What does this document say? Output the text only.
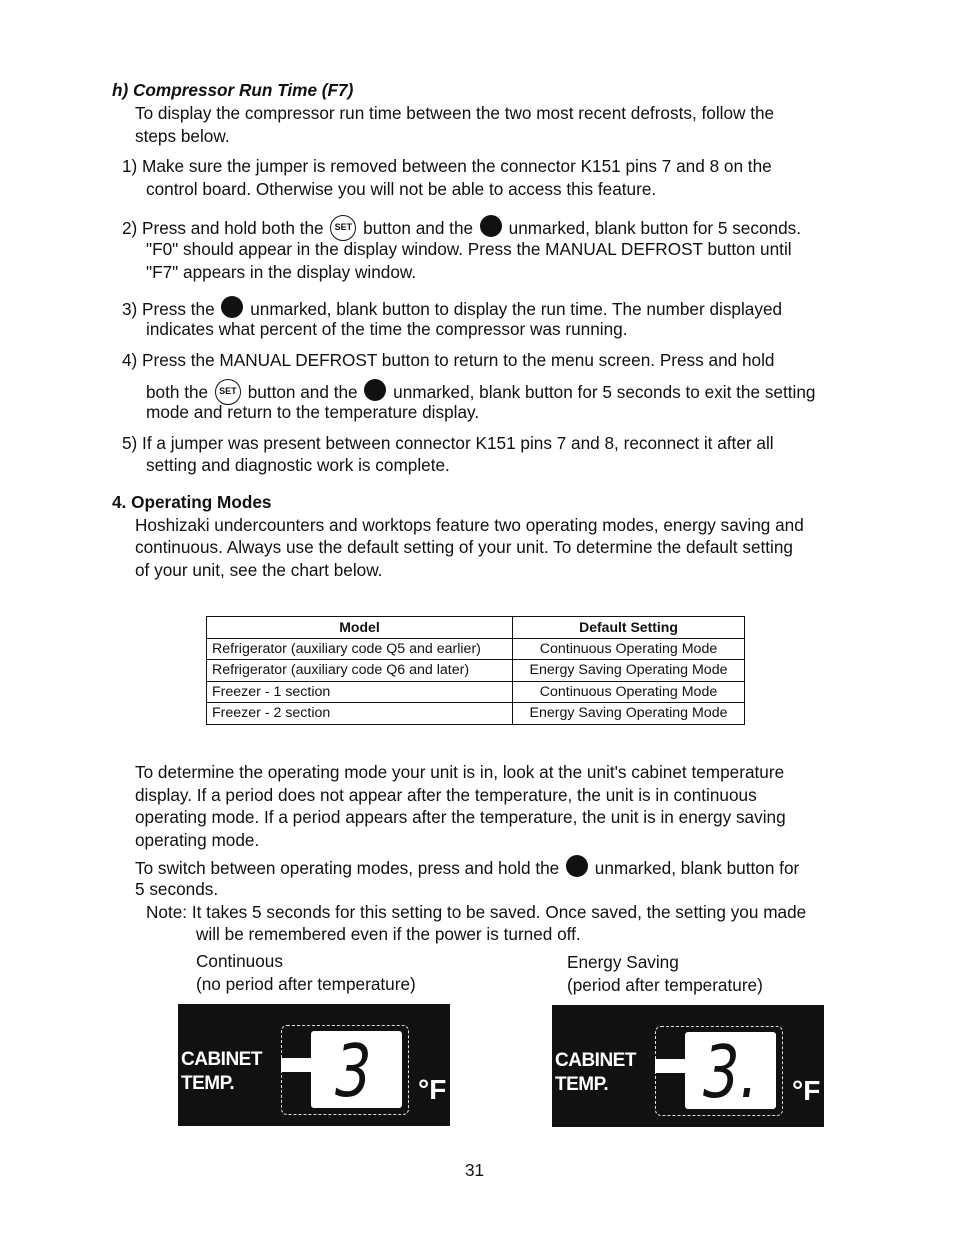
h) Compressor Run Time (F7)
To display the compressor run time between the two most recent defrosts, follow the
steps below.
1) Make sure the jumper is removed between the connector K151 pins 7 and 8 on the
control board. Otherwise you will not be able to access this feature.
2) Press and hold both the SET button and the unmarked, blank button for 5 seconds.
"F0" should appear in the display window. Press the MANUAL DEFROST button until
"F7" appears in the display window.
3) Press the unmarked, blank button to display the run time. The number displayed
indicates what percent of the time the compressor was running.
4) Press the MANUAL DEFROST button to return to the menu screen. Press and hold
both the SET button and the unmarked, blank button for 5 seconds to exit the setting
mode and return to the temperature display.
5) If a jumper was present between connector K151 pins 7 and 8, reconnect it after all
setting and diagnostic work is complete.
4. Operating Modes
Hoshizaki undercounters and worktops feature two operating modes, energy saving and
continuous. Always use the default setting of your unit. To determine the default setting
of your unit, see the chart below.
Model	Default Setting
Refrigerator (auxiliary code Q5 and earlier)	Continuous Operating Mode
Refrigerator (auxiliary code Q6 and later)	Energy Saving Operating Mode
Freezer - 1 section	Continuous Operating Mode
Freezer - 2 section	Energy Saving Operating Mode
To determine the operating mode your unit is in, look at the unit's cabinet temperature
display. If a period does not appear after the temperature, the unit is in continuous
operating mode. If a period appears after the temperature, the unit is in energy saving
operating mode.
To switch between operating modes, press and hold the unmarked, blank button for
5 seconds.
Note: It takes 5 seconds for this setting to be saved. Once saved, the setting you made
will be remembered even if the power is turned off.
Continuous
(no period after temperature)
Energy Saving
(period after temperature)
CABINET
TEMP.	3 °F
CABINET
TEMP.	3. °F
31
